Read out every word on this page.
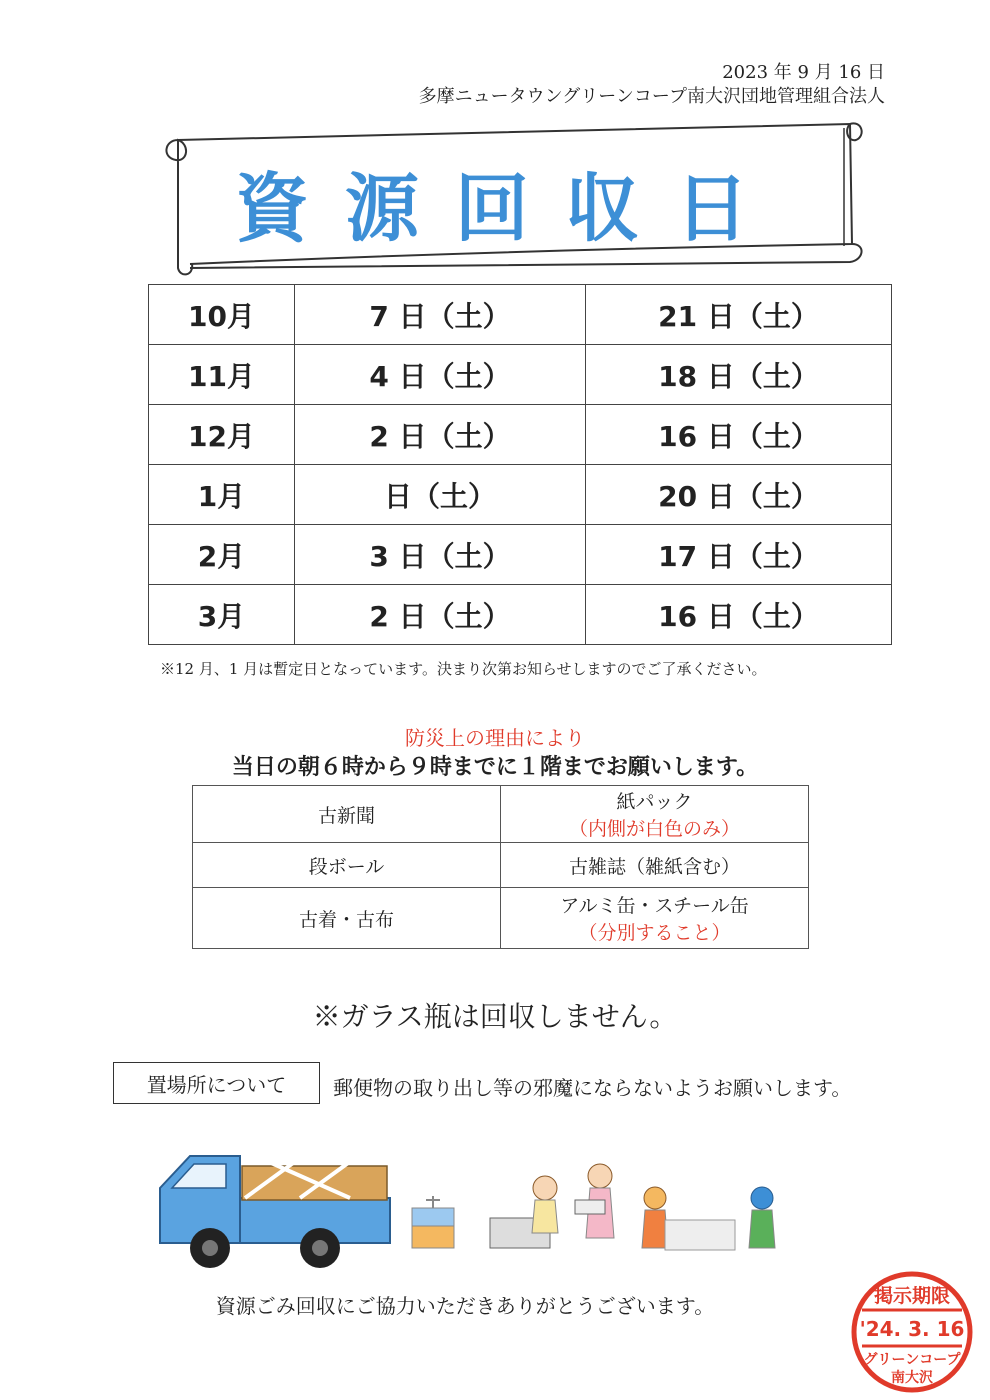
2023 年 9 月 16 日
多摩ニュータウングリーンコープ南大沢団地管理組合法人
資源回収日
10月	7 日（土）	21 日（土）
11月	4 日（土）	18 日（土）
12月	2 日（土）	16 日（土）
1月	日（土）	20 日（土）
2月	3 日（土）	17 日（土）
3月	2 日（土）	16 日（土）
※12 月、1 月は暫定日となっています。決まり次第お知らせしますのでご了承ください。
防災上の理由により
当日の朝６時から９時までに１階までお願いします。
古新聞	紙パック
（内側が白色のみ）

段ボール	古雑誌（雑紙含む）
古着・古布	アルミ缶・スチール缶
（分別すること）
※ガラス瓶は回収しません。
置場所について	郵便物の取り出し等の邪魔にならないようお願いします。
資源ごみ回収にご協力いただきありがとうございます。	掲示期限
'24. 3. 16
グリーンコープ
南大沢
